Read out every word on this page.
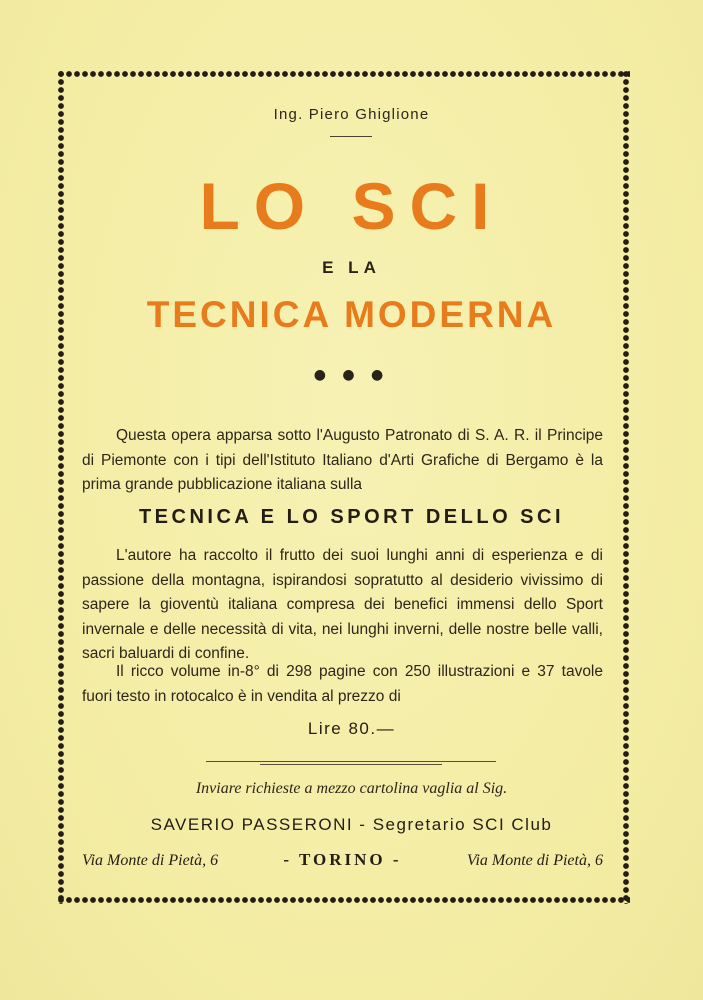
Ing. Piero Ghiglione
LO SCI
E LA
TECNICA MODERNA
● ● ●
Questa opera apparsa sotto l'Augusto Patronato di S. A. R. il Principe di Piemonte con i tipi dell'Istituto Italiano d'Arti Grafiche di Bergamo è la prima grande pubblicazione italiana sulla
TECNICA E LO SPORT DELLO SCI
L'autore ha raccolto il frutto dei suoi lunghi anni di esperienza e di passione della montagna, ispirandosi sopratutto al desiderio vivissimo di sapere la gioventù italiana compresa dei benefici immensi dello Sport invernale e delle necessità di vita, nei lunghi inverni, delle nostre belle valli, sacri baluardi di confine.
Il ricco volume in-8° di 298 pagine con 250 illustrazioni e 37 tavole fuori testo in rotocalco è in vendita al prezzo di
Lire 80.—
Inviare richieste a mezzo cartolina vaglia al Sig.
SAVERIO PASSERONI - Segretario SCI Club
Via Monte di Pietà, 6	- TORINO -	Via Monte di Pietà, 6
